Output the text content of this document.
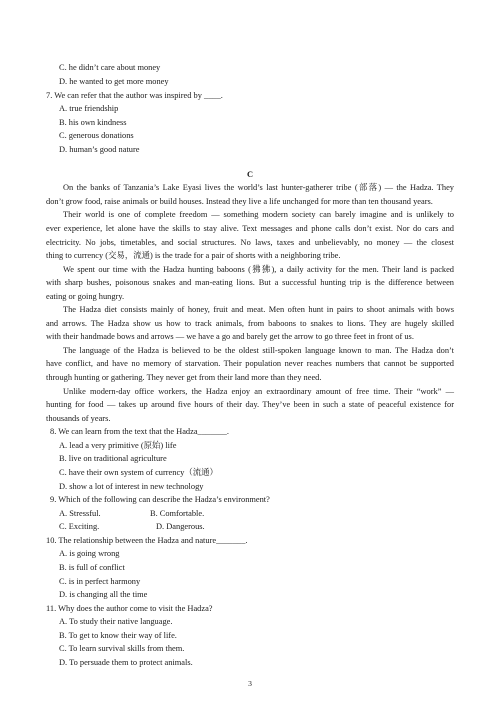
C. he didn’t care about money
D. he wanted to get more money
7. We can refer that the author was inspired by ____.
A. true friendship
B. his own kindness
C. generous donations
D. human’s good nature
C
On the banks of Tanzania’s Lake Eyasi lives the world’s last hunter-gatherer tribe (部落) — the Hadza. They
don’t grow food, raise animals or build houses. Instead they live a life unchanged for more than ten thousand years.
Their world is one of complete freedom — something modern society can barely imagine and is unlikely to
ever experience, let alone have the skills to stay alive. Text messages and phone calls don’t exist. Nor do cars and
electricity. No jobs, timetables, and social structures. No laws, taxes and unbelievably, no money — the closest
thing to currency (交易，流通) is the trade for a pair of shorts with a neighboring tribe.
We spent our time with the Hadza hunting baboons (狒狒), a daily activity for the men. Their land is packed
with sharp bushes, poisonous snakes and man-eating lions. But a successful hunting trip is the difference between
eating or going hungry.
The Hadza diet consists mainly of honey, fruit and meat. Men often hunt in pairs to shoot animals with bows
and arrows. The Hadza show us how to track animals, from baboons to snakes to lions. They are hugely skilled
with their handmade bows and arrows — we have a go and barely get the arrow to go three feet in front of us.
The language of the Hadza is believed to be the oldest still-spoken language known to man. The Hadza don’t
have conflict, and have no memory of starvation. Their population never reaches numbers that cannot be supported
through hunting or gathering. They never get from their land more than they need.
Unlike modern-day office workers, the Hadza enjoy an extraordinary amount of free time. Their “work” —
hunting for food — takes up around five hours of their day. They’ve been in such a state of peaceful existence for
thousands of years.
8. We can learn from the text that the Hadza_______.
A. lead a very primitive (原始) life
B. live on traditional agriculture
C. have their own system of currency（流通）
D. show a lot of interest in new technology
9. Which of the following can describe the Hadza’s environment?
A. Stressful.	B. Comfortable.
C. Exciting.	D. Dangerous.
10. The relationship between the Hadza and nature_______.
A. is going wrong
B. is full of conflict
C. is in perfect harmony
D. is changing all the time
11. Why does the author come to visit the Hadza?
A. To study their native language.
B. To get to know their way of life.
C. To learn survival skills from them.
D. To persuade them to protect animals.
3
